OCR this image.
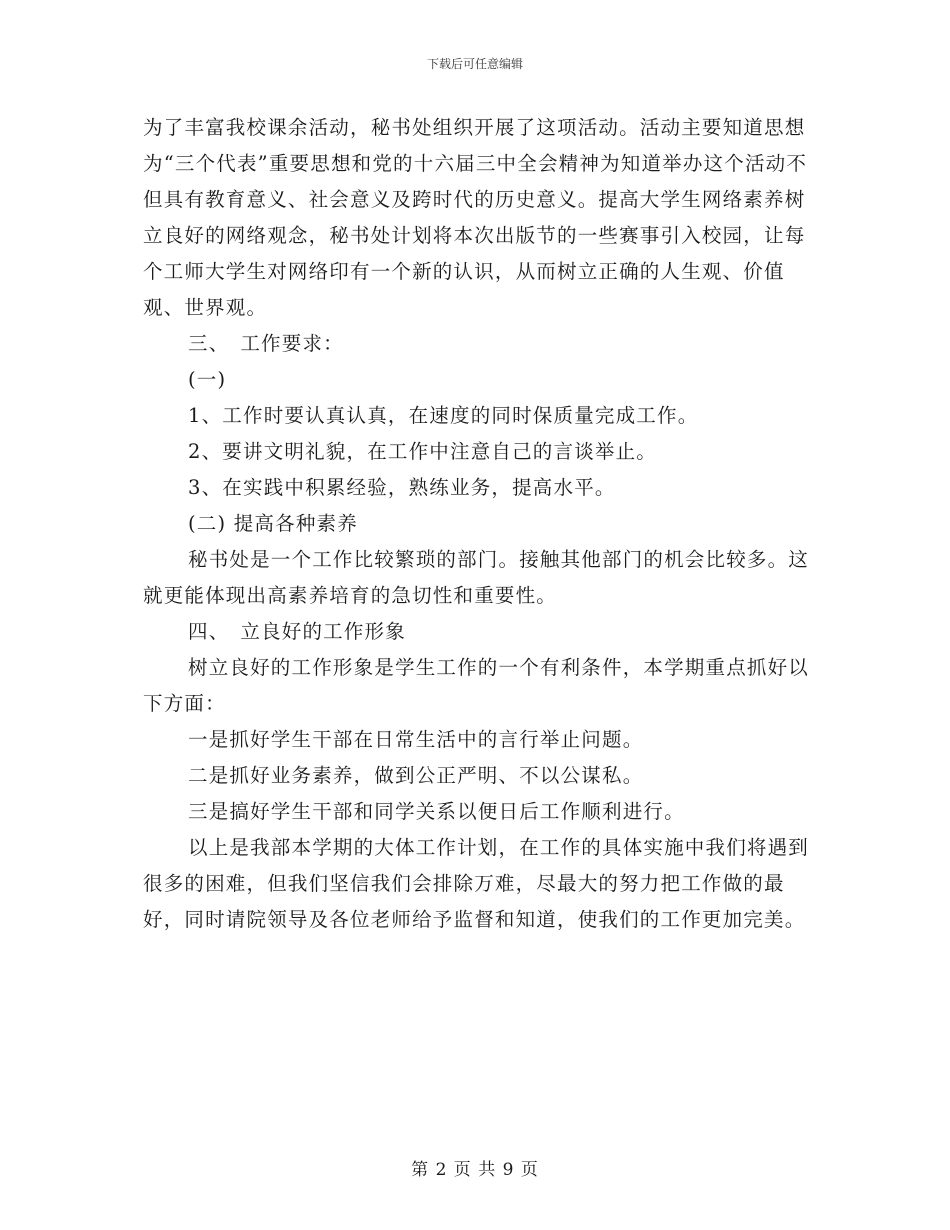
下载后可任意编辑

为了丰富我校课余活动，秘书处组织开展了这项活动。活动主要知道思想为“三个代表”重要思想和党的十六届三中全会精神为知道举办这个活动不但具有教育意义、社会意义及跨时代的历史意义。提高大学生网络素养树立良好的网络观念，秘书处计划将本次出版节的一些赛事引入校园，让每个工师大学生对网络印有一个新的认识，从而树立正确的人生观、价值观、世界观。

三、　工作要求：

(一)

1、工作时要认真认真，在速度的同时保质量完成工作。

2、要讲文明礼貌，在工作中注意自己的言谈举止。

3、在实践中积累经验，熟练业务，提高水平。

(二) 提高各种素养

秘书处是一个工作比较繁琐的部门。接触其他部门的机会比较多。这就更能体现出高素养培育的急切性和重要性。

四、　立良好的工作形象

树立良好的工作形象是学生工作的一个有利条件，本学期重点抓好以下方面：

一是抓好学生干部在日常生活中的言行举止问题。

二是抓好业务素养，做到公正严明、不以公谋私。

三是搞好学生干部和同学关系以便日后工作顺利进行。

以上是我部本学期的大体工作计划，在工作的具体实施中我们将遇到很多的困难，但我们坚信我们会排除万难，尽最大的努力把工作做的最好，同时请院领导及各位老师给予监督和知道，使我们的工作更加完美。

第 2 页 共 9 页
